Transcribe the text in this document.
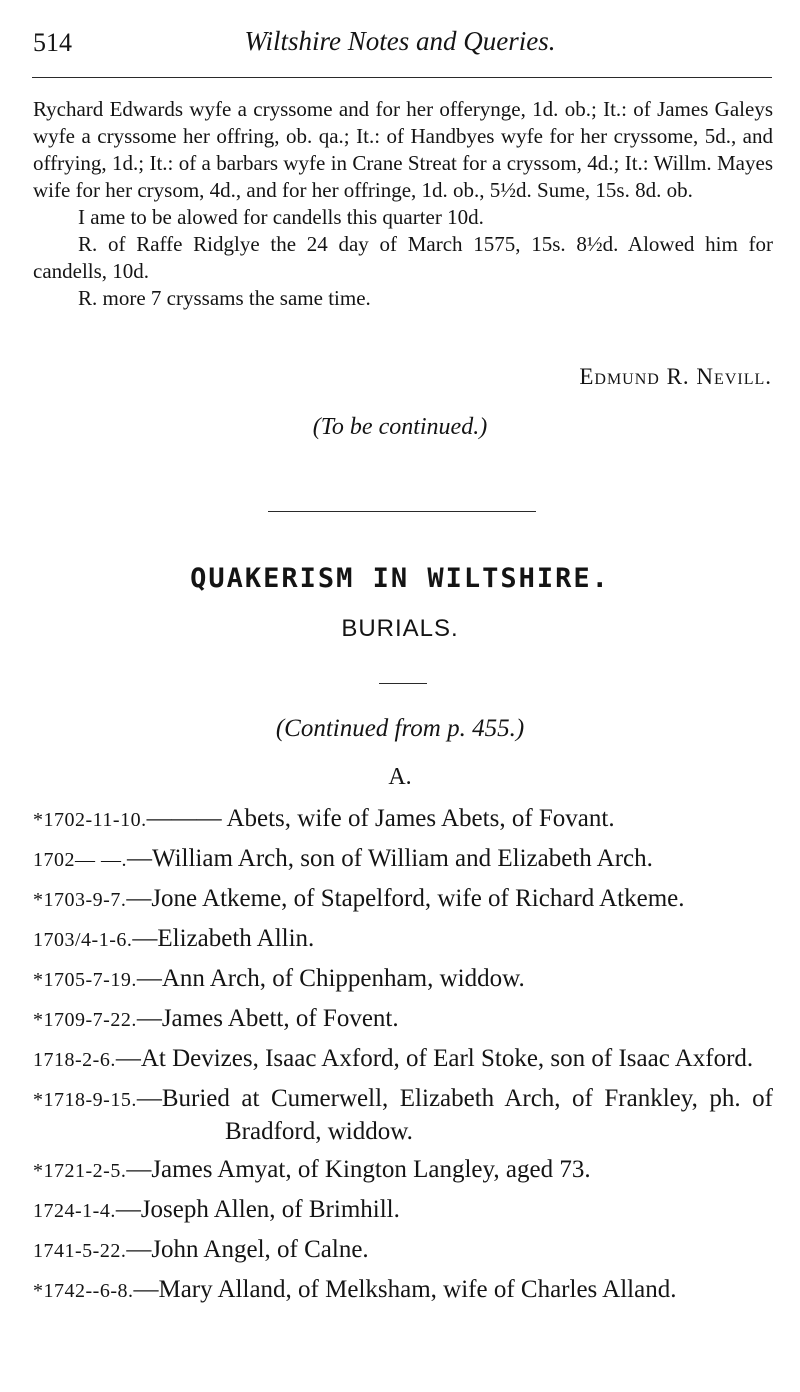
514	Wiltshire Notes and Queries.

Rychard Edwards wyfe a cryssome and for her offerynge, 1d. ob.; It.: of James Galeys wyfe a cryssome her offring, ob. qa.; It.: of Handbyes wyfe for her cryssome, 5d., and offrying, 1d.; It.: of a barbars wyfe in Crane Streat for a cryssom, 4d.; It.: Willm. Mayes wife for her crysom, 4d., and for her offringe, 1d. ob., 5½d. Sume, 15s. 8d. ob.

I ame to be alowed for candells this quarter 10d.

R. of Raffe Ridglye the 24 day of March 1575, 15s. 8½d. Alowed him for candells, 10d.

R. more 7 cryssams the same time.

Edmund R. Nevill.
(To be continued.)
QUAKERISM IN WILTSHIRE.
BURIALS.
(Continued from p. 455.)
A.

*1702-11-10.——— Abets, wife of James Abets, of Fovant.

1702— —.—William Arch, son of William and Elizabeth Arch.

*1703-9-7.—Jone Atkeme, of Stapelford, wife of Richard Atkeme.

1703/4-1-6.—Elizabeth Allin.

*1705-7-19.—Ann Arch, of Chippenham, widdow.

*1709-7-22.—James Abett, of Fovent.

1718-2-6.—At Devizes, Isaac Axford, of Earl Stoke, son of Isaac Axford.

*1718-9-15.—Buried at Cumerwell, Elizabeth Arch, of Frankley, ph. of Bradford, widdow.

*1721-2-5.—James Amyat, of Kington Langley, aged 73.

1724-1-4.—Joseph Allen, of Brimhill.

1741-5-22.—John Angel, of Calne.

*1742--6-8.—Mary Alland, of Melksham, wife of Charles Alland.
